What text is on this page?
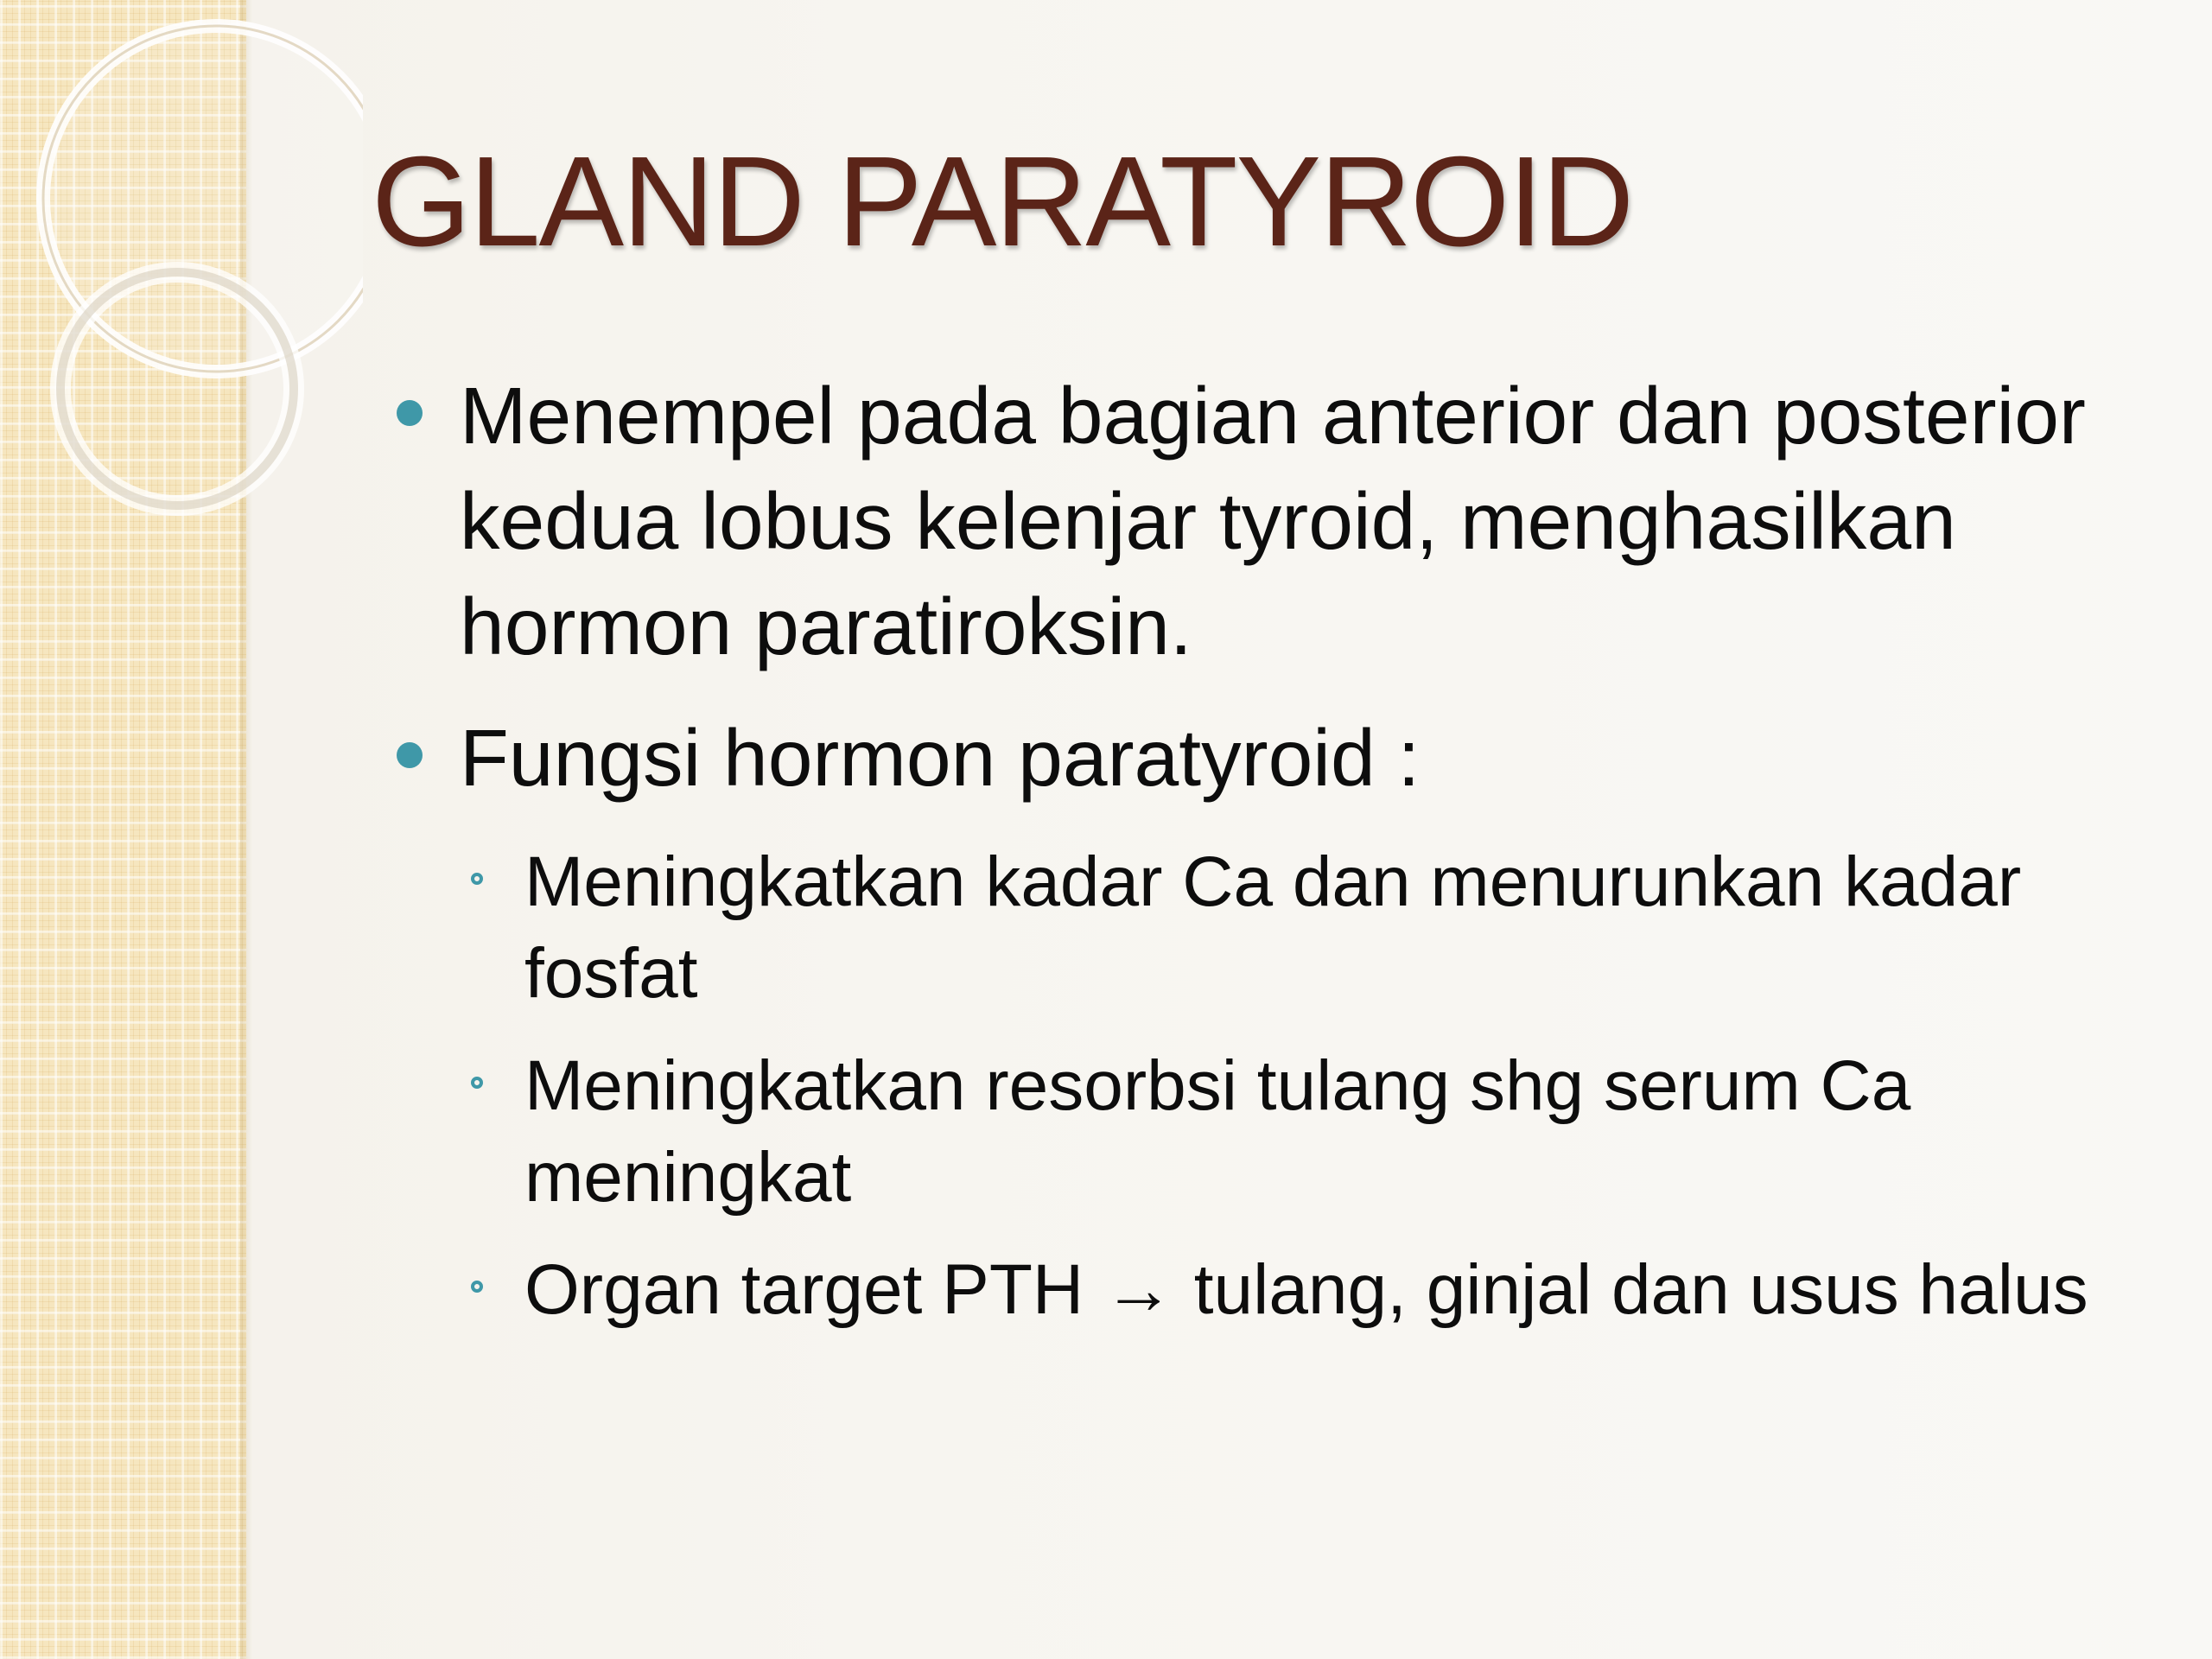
GLAND PARATYROID
Menempel pada bagian anterior dan posterior kedua lobus kelenjar tyroid, menghasilkan hormon paratiroksin.
Fungsi hormon paratyroid :
Meningkatkan kadar Ca dan menurunkan kadar fosfat
Meningkatkan resorbsi tulang shg serum Ca meningkat
Organ target PTH → tulang, ginjal dan usus halus
